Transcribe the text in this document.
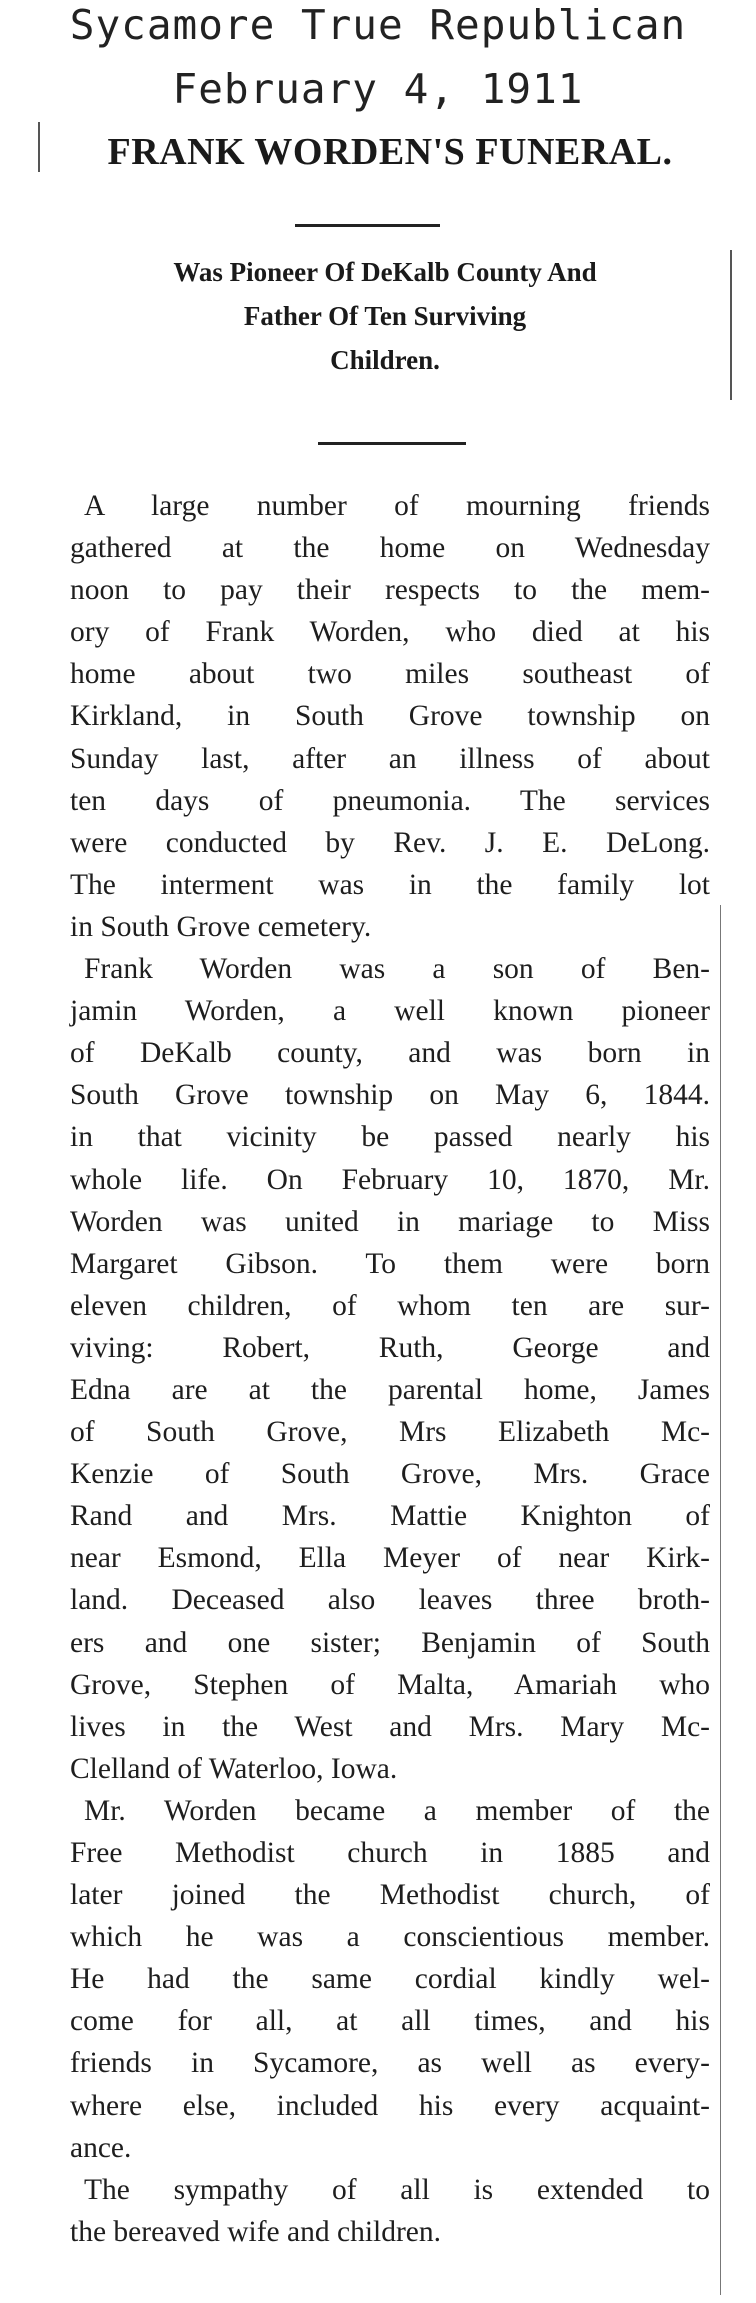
Sycamore True Republican
February 4, 1911
FRANK WORDEN'S FUNERAL.
Was Pioneer Of DeKalb County And
Father Of Ten Surviving
Children.
A large number of mourning friends
gathered at the home on Wednesday
noon to pay their respects to the mem-
ory of Frank Worden, who died at his
home about two miles southeast of
Kirkland, in South Grove township on
Sunday last, after an illness of about
ten days of pneumonia. The services
were conducted by Rev. J. E. DeLong.
The interment was in the family lot
in South Grove cemetery.
Frank Worden was a son of Ben-
jamin Worden, a well known pioneer
of DeKalb county, and was born in
South Grove township on May 6, 1844.
in that vicinity be passed nearly his
whole life. On February 10, 1870, Mr.
Worden was united in mariage to Miss
Margaret Gibson. To them were born
eleven children, of whom ten are sur-
viving: Robert, Ruth, George and
Edna are at the parental home, James
of South Grove, Mrs Elizabeth Mc-
Kenzie of South Grove, Mrs. Grace
Rand and Mrs. Mattie Knighton of
near Esmond, Ella Meyer of near Kirk-
land. Deceased also leaves three broth-
ers and one sister; Benjamin of South
Grove, Stephen of Malta, Amariah who
lives in the West and Mrs. Mary Mc-
Clelland of Waterloo, Iowa.
Mr. Worden became a member of the
Free Methodist church in 1885 and
later joined the Methodist church, of
which he was a conscientious member.
He had the same cordial kindly wel-
come for all, at all times, and his
friends in Sycamore, as well as every-
where else, included his every acquaint-
ance.
The sympathy of all is extended to
the bereaved wife and children.
